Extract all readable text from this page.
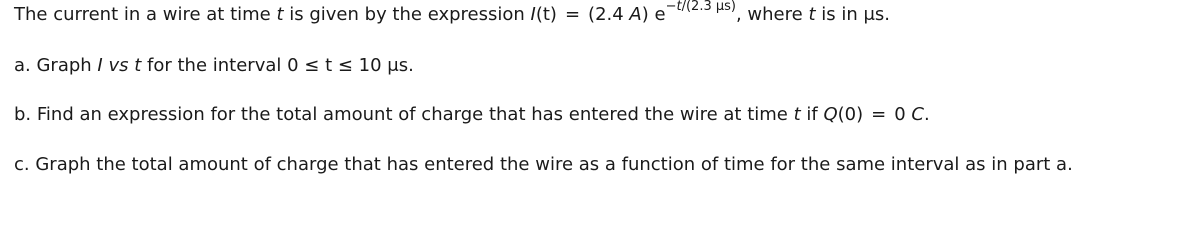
The current in a wire at time t is given by the expression I(t) = (2.4 A) $e^{-t/(2.3 \mu s)}$, where t is in μs.
a. Graph I vs t for the interval 0 ≤ t ≤ 10 μs.
b. Find an expression for the total amount of charge that has entered the wire at time t if Q(0) = 0 C.
c. Graph the total amount of charge that has entered the wire as a function of time for the same interval as in part a.
